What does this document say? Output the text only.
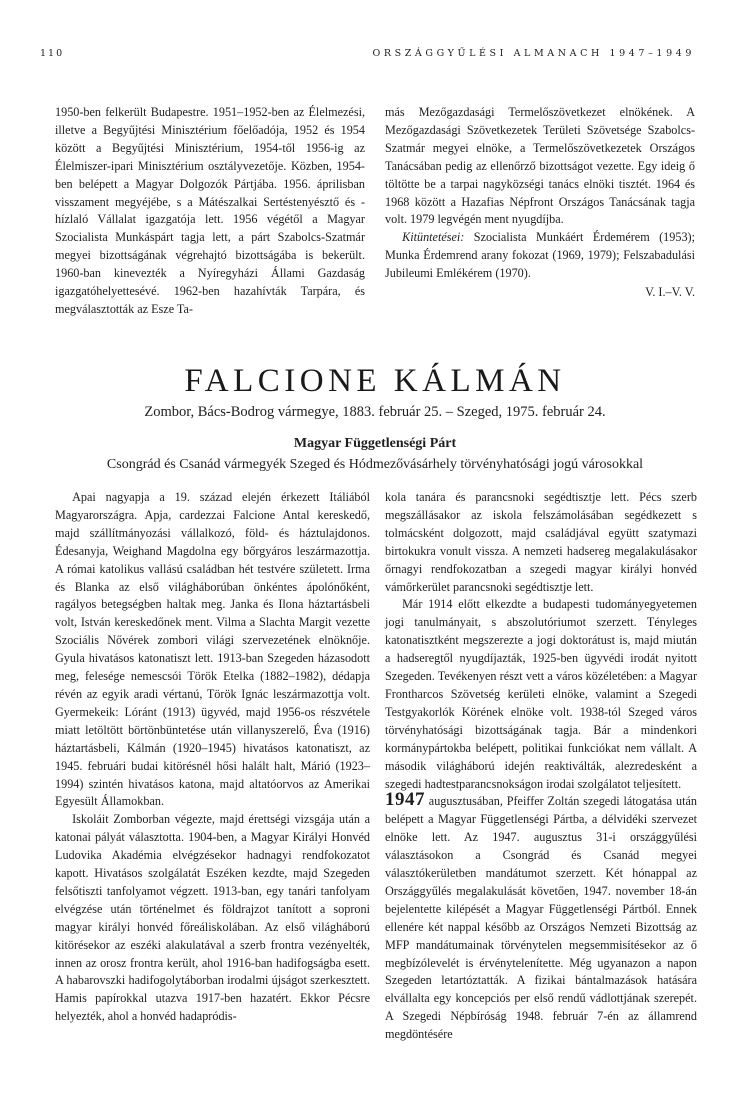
110	ORSZÁGGYŰLÉSI ALMANACH 1947–1949

1950-ben felkerült Budapestre. 1951–1952-ben az Élelmezési, illetve a Begyűjtési Minisztérium főelőadója, 1952 és 1954 között a Begyűjtési Minisztérium, 1954-től 1956-ig az Élelmiszer-ipari Minisztérium osztályvezetője. Közben, 1954-ben belépett a Magyar Dolgozók Pártjába. 1956. áprilisban visszament megyéjébe, s a Mátészalkai Sertéstenyésztő és -hízlaló Vállalat igazgatója lett. 1956 végétől a Magyar Szocialista Munkáspárt tagja lett, a párt Szabolcs-Szatmár megyei bizottságának végrehajtó bizottságába is bekerült. 1960-ban kinevezték a Nyíregyházi Állami Gazdaság igazgatóhelyettesévé. 1962-ben hazahívták Tarpára, és megválasztották az Esze Ta-

más Mezőgazdasági Termelőszövetkezet elnökének. A Mezőgazdasági Szövetkezetek Területi Szövetsége Szabolcs-Szatmár megyei elnöke, a Termelőszövetkezetek Országos Tanácsában pedig az ellenőrző bizottságot vezette. Egy ideig ő töltötte be a tarpai nagyközségi tanács elnöki tisztét. 1964 és 1968 között a Hazafias Népfront Országos Tanácsának tagja volt. 1979 legvégén ment nyugdíjba.

Kitüntetései: Szocialista Munkáért Érdemérem (1953); Munka Érdemrend arany fokozat (1969, 1979); Felszabadulási Jubileumi Emlékérem (1970).

V. I.–V. V.
FALCIONE KÁLMÁN
Zombor, Bács-Bodrog vármegye, 1883. február 25. – Szeged, 1975. február 24.
Magyar Függetlenségi Párt
Csongrád és Csanád vármegyék Szeged és Hódmezővásárhely törvényhatósági jogú városokkal

Apai nagyapja a 19. század elején érkezett Itáliából Magyarországra. Apja, cardezzai Falcione Antal kereskedő, majd szállítmányozási vállalkozó, föld- és háztulajdonos. Édesanyja, Weighand Magdolna egy bőrgyáros leszármazottja. A római katolikus vallású családban hét testvére született. Irma és Blanka az első világháborúban önkéntes ápolónőként, ragályos betegségben haltak meg. Janka és Ilona háztartásbeli volt, István kereskedőnek ment. Vilma a Slachta Margit vezette Szociális Nővérek zombori világi szervezetének elnöknője. Gyula hivatásos katonatiszt lett. 1913-ban Szegeden házasodott meg, felesége nemescsói Török Etelka (1882–1982), dédapja révén az egyik aradi vértanú, Török Ignác leszármazottja volt. Gyermekeik: Lóránt (1913) ügyvéd, majd 1956-os részvétele miatt letöltött börtönbüntetése után villanyszerelő, Éva (1916) háztartásbeli, Kálmán (1920–1945) hivatásos katonatiszt, az 1945. februári budai kitörésnél hősi halált halt, Márió (1923–1994) szintén hivatásos katona, majd altatóorvos az Amerikai Egyesült Államokban.

Iskoláit Zomborban végezte, majd érettségi vizsgája után a katonai pályát választotta. 1904-ben, a Magyar Királyi Honvéd Ludovika Akadémia elvégzésekor hadnagyi rendfokozatot kapott. Hivatásos szolgálatát Eszéken kezdte, majd Szegeden felsőtiszti tanfolyamot végzett. 1913-ban, egy tanári tanfolyam elvégzése után történelmet és földrajzot tanított a soproni magyar királyi honvéd főreáliskolában. Az első világháború kitörésekor az eszéki alakulatával a szerb frontra vezényelték, innen az orosz frontra került, ahol 1916-ban hadifogságba esett. A habarovszki hadifogolytáborban irodalmi újságot szerkesztett. Hamis papírokkal utazva 1917-ben hazatért. Ekkor Pécsre helyezték, ahol a honvéd hadapródis-

kola tanára és parancsnoki segédtisztje lett. Pécs szerb megszállásakor az iskola felszámolásában segédkezett s tolmácsként dolgozott, majd családjával együtt szatymazi birtokukra vonult vissza. A nemzeti hadsereg megalakulásakor őrnagyi rendfokozatban a szegedi magyar királyi honvéd vámőrkerület parancsnoki segédtisztje lett.

Már 1914 előtt elkezdte a budapesti tudományegyetemen jogi tanulmányait, s abszolutóriumot szerzett. Tényleges katonatisztként megszerezte a jogi doktorátust is, majd miután a hadseregtől nyugdíjazták, 1925-ben ügyvédi irodát nyitott Szegeden. Tevékenyen részt vett a város közéletében: a Magyar Frontharcos Szövetség kerületi elnöke, valamint a Szegedi Testgyakorlók Körének elnöke volt. 1938-tól Szeged város törvényhatósági bizottságának tagja. Bár a mindenkori kormánypártokba belépett, politikai funkciókat nem vállalt. A második világháború idején reaktiválták, alezredesként a szegedi hadtestparancsnokságon irodai szolgálatot teljesített.

1947 augusztusában, Pfeiffer Zoltán szegedi látogatása után belépett a Magyar Függetlenségi Pártba, a délvidéki szervezet elnöke lett. Az 1947. augusztus 31-i országgyűlési választásokon a Csongrád és Csanád megyei választókerületben mandátumot szerzett. Két hónappal az Országgyűlés megalakulását követően, 1947. november 18-án bejelentette kilépését a Magyar Függetlenségi Pártból. Ennek ellenére két nappal később az Országos Nemzeti Bizottság az MFP mandátumainak törvénytelen megsemmisítésekor az ő megbízólevelét is érvénytelenítette. Még ugyanazon a napon Szegeden letartóztatták. A fizikai bántalmazások hatására elvállalta egy koncepciós per első rendű vádlottjának szerepét. A Szegedi Népbíróság 1948. február 7-én az államrend megdöntésére
